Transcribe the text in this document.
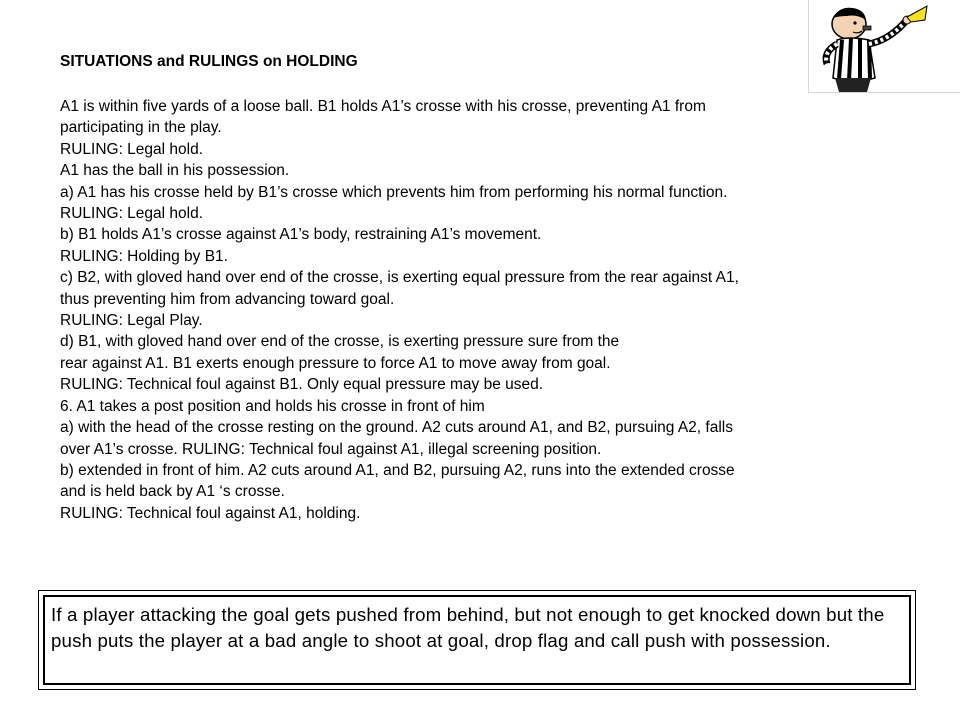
SITUATIONS and RULINGS on HOLDING
A1 is within five yards of a loose ball. B1 holds A1’s crosse with his crosse, preventing A1 from
participating in the play.
RULING: Legal hold.
A1 has the ball in his possession.
a) A1 has his crosse held by B1’s crosse which prevents him from performing his normal function.
RULING: Legal hold.
b) B1 holds A1’s crosse against A1’s body, restraining A1’s movement.
RULING: Holding by B1.
c) B2, with gloved hand over end of the crosse, is exerting equal pressure from the rear against A1,
thus preventing him from advancing toward goal.
RULING: Legal Play.
d) B1, with gloved hand over end of the crosse, is exerting pressure sure from the
rear against A1. B1 exerts enough pressure to force A1 to move away from goal.
RULING: Technical foul against B1. Only equal pressure may be used.
6. A1 takes a post position and holds his crosse in front of him
a) with the head of the crosse resting on the ground. A2 cuts around A1, and B2, pursuing A2, falls
over A1’s crosse. RULING: Technical foul against A1, illegal screening position.
b) extended in front of him. A2 cuts around A1, and B2, pursuing A2, runs into the extended crosse
and is held back by A1 ‘s crosse.
RULING: Technical foul against A1, holding.
If a player attacking the goal gets pushed from behind, but not enough to get knocked down but the push puts the player at a bad angle to shoot at goal, drop flag and call push with possession.
